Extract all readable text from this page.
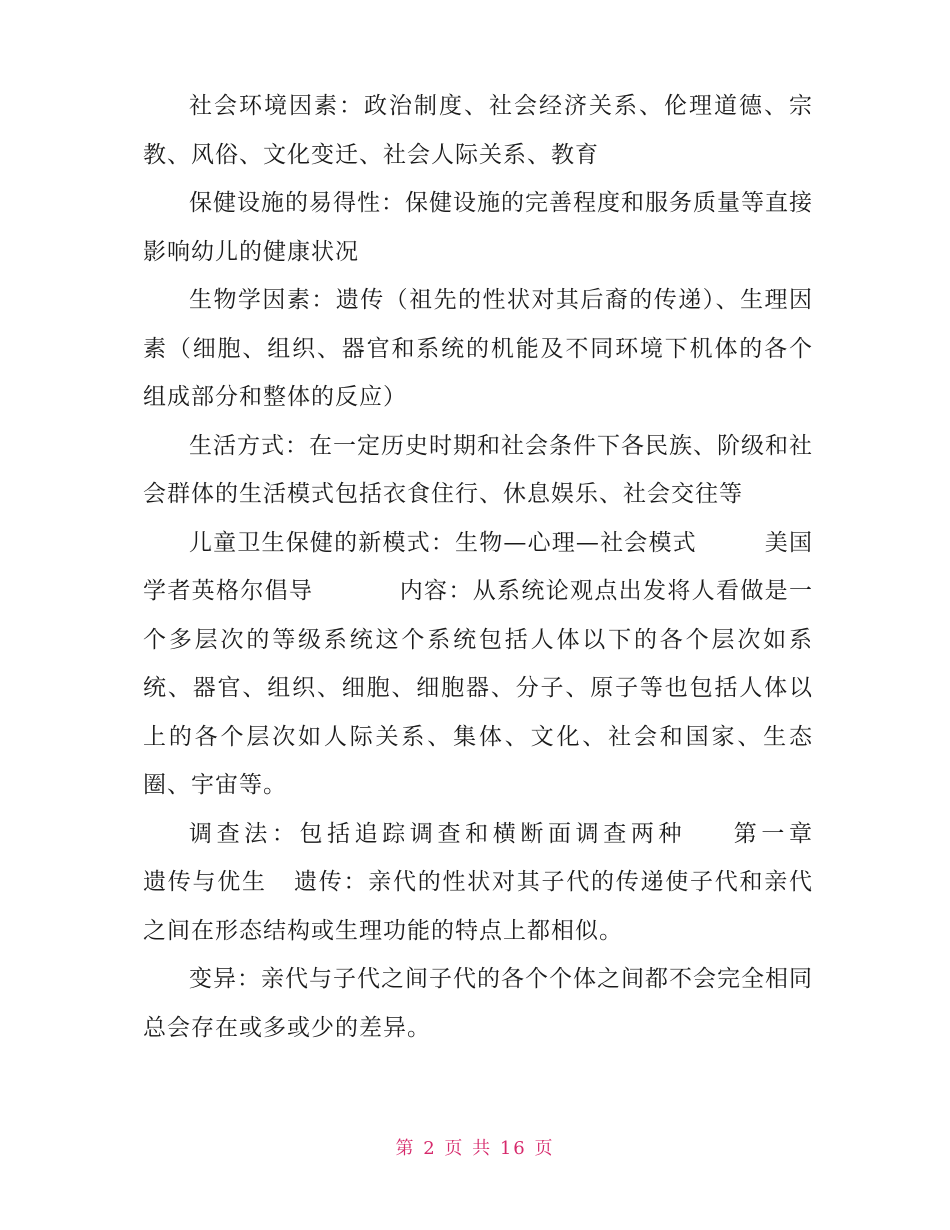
社会环境因素：政治制度、社会经济关系、伦理道德、宗教、风俗、文化变迁、社会人际关系、教育

保健设施的易得性：保健设施的完善程度和服务质量等直接影响幼儿的健康状况

生物学因素：遗传（祖先的性状对其后裔的传递）、生理因素（细胞、组织、器官和系统的机能及不同环境下机体的各个组成部分和整体的反应）

生活方式：在一定历史时期和社会条件下各民族、阶级和社会群体的生活模式包括衣食住行、休息娱乐、社会交往等

儿童卫生保健的新模式：生物—心理—社会模式        美国学者英格尔倡导          内容：从系统论观点出发将人看做是一个多层次的等级系统这个系统包括人体以下的各个层次如系统、器官、组织、细胞、细胞器、分子、原子等也包括人体以上的各个层次如人际关系、集体、文化、社会和国家、生态圈、宇宙等。

调查法：包括追踪调查和横断面调查两种    第一章        遗传与优生   遗传：亲代的性状对其子代的传递使子代和亲代之间在形态结构或生理功能的特点上都相似。

变异：亲代与子代之间子代的各个个体之间都不会完全相同总会存在或多或少的差异。

第 2 页 共 16 页
